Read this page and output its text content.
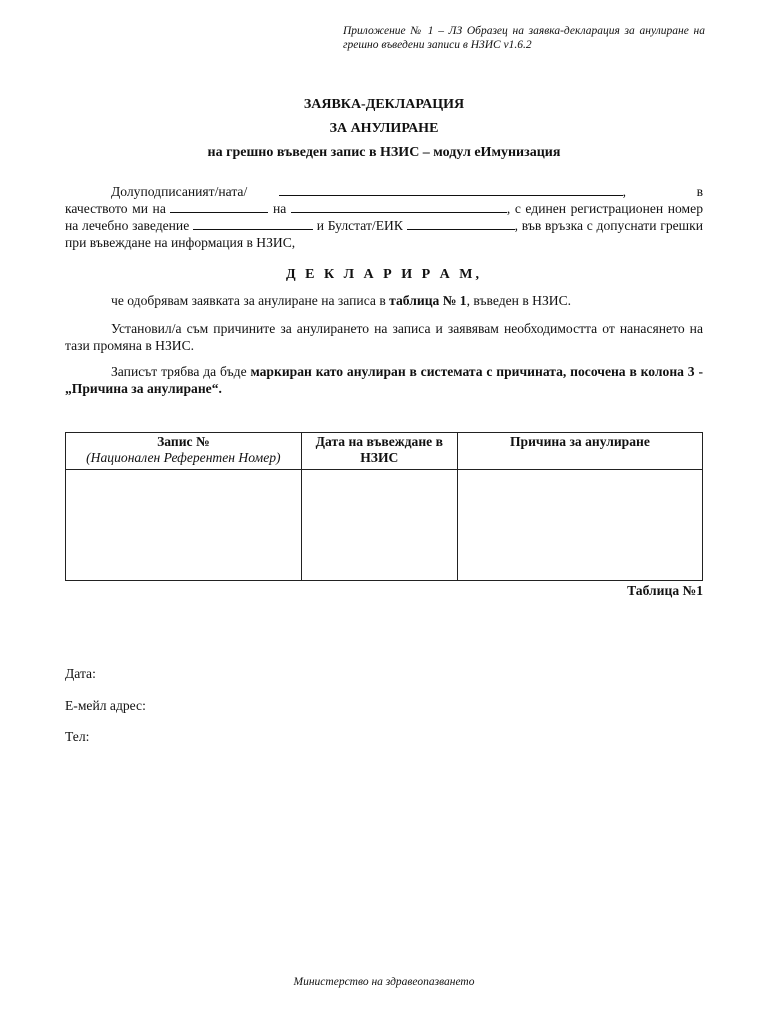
Приложение № 1 – ЛЗ Образец на заявка-декларация за анулиране на грешно въведени записи в НЗИС v1.6.2
ЗАЯВКА-ДЕКЛАРАЦИЯ
ЗА АНУЛИРАНЕ
на грешно въведен запис в НЗИС – модул еИмунизация
Долуподписаният/ната/	,	в

качеството ми на	на	, с единен регистрационен номер на лечебно заведение	и Булстат/ЕИК	, във връзка с допуснати грешки при въвеждане на информация в НЗИС,
Д Е К Л А Р И Р А М,
че одобрявам заявката за анулиране на записа в таблица № 1, въведен в НЗИС.
Установил/а съм причините за анулирането на записа и заявявам необходимостта от нанасянето на тази промяна в НЗИС.
Записът трябва да бъде маркиран като анулиран в системата с причината, посочена в колона 3 - „Причина за анулиране“.
Запис №
(Национален Референтен Номер)	Дата на въвеждане в НЗИС	Причина за анулиране

Таблица №1
Дата:
Е-мейл адрес:
Тел:
Министерство на здравеопазването
